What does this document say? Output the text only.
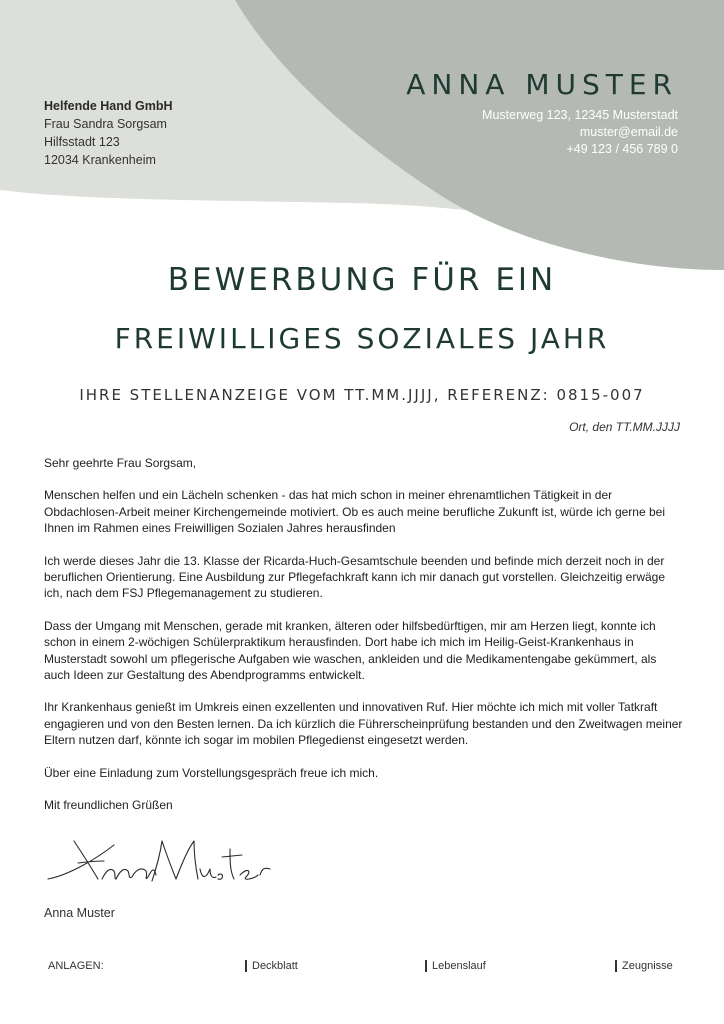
Helfende Hand GmbH
Frau Sandra Sorgsam
Hilfsstadt 123
12034 Krankenheim
ANNA MUSTER
Musterweg 123, 12345 Musterstadt
muster@email.de
+49 123 / 456 789 0
BEWERBUNG FÜR EIN
FREIWILLIGES SOZIALES JAHR
IHRE STELLENANZEIGE VOM TT.MM.JJJJ, REFERENZ: 0815-007
Ort, den TT.MM.JJJJ

Sehr geehrte Frau Sorgsam,

Menschen helfen und ein Lächeln schenken - das hat mich schon in meiner ehrenamtlichen Tätigkeit in der Obdachlosen-Arbeit meiner Kirchengemeinde motiviert. Ob es auch meine berufliche Zukunft ist, würde ich gerne bei Ihnen im Rahmen eines Freiwilligen Sozialen Jahres herausfinden

Ich werde dieses Jahr die 13. Klasse der Ricarda-Huch-Gesamtschule beenden und befinde mich derzeit noch in der beruflichen Orientierung. Eine Ausbildung zur Pflegefachkraft kann ich mir danach gut vorstellen. Gleichzeitig erwäge ich, nach dem FSJ Pflegemanagement zu studieren.

Dass der Umgang mit Menschen, gerade mit kranken, älteren oder hilfsbedürftigen, mir am Herzen liegt, konnte ich schon in einem 2-wöchigen Schülerpraktikum herausfinden. Dort habe ich mich im Heilig-Geist-Krankenhaus in Musterstadt sowohl um pflegerische Aufgaben wie waschen, ankleiden und die Medikamentengabe gekümmert, als auch Ideen zur Gestaltung des Abendprogramms entwickelt.

Ihr Krankenhaus genießt im Umkreis einen exzellenten und innovativen Ruf. Hier möchte ich mich mit voller Tatkraft engagieren und von den Besten lernen. Da ich kürzlich die Führerscheinprüfung bestanden und den Zweitwagen meiner Eltern nutzen darf, könnte ich sogar im mobilen Pflegedienst eingesetzt werden.

Über eine Einladung zum Vorstellungsgespräch freue ich mich.

Mit freundlichen Grüßen

Anna Muster
ANLAGEN:	Deckblatt	Lebenslauf	Zeugnisse
